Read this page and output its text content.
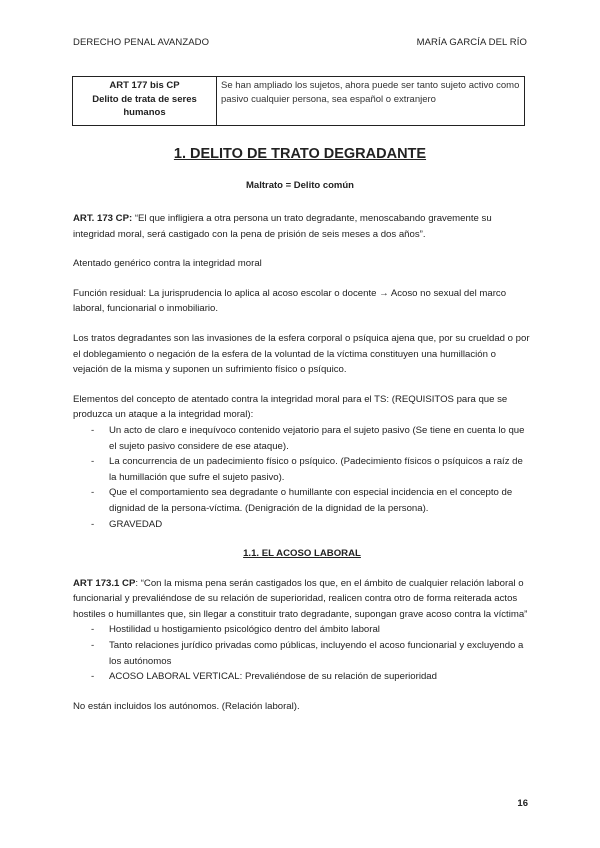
DERECHO PENAL AVANZADO	MARÍA GARCÍA DEL RÍO
ART 177 bis CP
Delito de trata de seres humanos
	Se han ampliado los sujetos, ahora puede ser tanto sujeto activo como pasivo cualquier persona, sea español o extranjero
1. DELITO DE TRATO DEGRADANTE
Maltrato = Delito común

ART. 173 CP: “El que infligiera a otra persona un trato degradante, menoscabando gravemente su integridad moral, será castigado con la pena de prisión de seis meses a dos años”.

Atentado genérico contra la integridad moral

Función residual: La jurisprudencia lo aplica al acoso escolar o docente → Acoso no sexual del marco laboral, funcionarial o inmobiliario.

Los tratos degradantes son las invasiones de la esfera corporal o psíquica ajena que, por su crueldad o por el doblegamiento o negación de la esfera de la voluntad de la víctima constituyen una humillación o vejación de la misma y suponen un sufrimiento físico o psíquico.

Elementos del concepto de atentado contra la integridad moral para el TS: (REQUISITOS para que se produzca un ataque a la integridad moral):

- Un acto de claro e inequívoco contenido vejatorio para el sujeto pasivo (Se tiene en cuenta lo que el sujeto pasivo considere de ese ataque).
- La concurrencia de un padecimiento físico o psíquico. (Padecimiento físicos o psíquicos a raíz de la humillación que sufre el sujeto pasivo).
- Que el comportamiento sea degradante o humillante con especial incidencia en el concepto de dignidad de la persona-víctima. (Denigración de la dignidad de la persona).
- GRAVEDAD
1.1. EL ACOSO LABORAL

ART 173.1 CP: “Con la misma pena serán castigados los que, en el ámbito de cualquier relación laboral o funcionarial y prevaliéndose de su relación de superioridad, realicen contra otro de forma reiterada actos hostiles o humillantes que, sin llegar a constituir trato degradante, supongan grave acoso contra la víctima”

- Hostilidad u hostigamiento psicológico dentro del ámbito laboral
- Tanto relaciones jurídico privadas como públicas, incluyendo el acoso funcionarial y excluyendo a los autónomos
- ACOSO LABORAL VERTICAL: Prevaliéndose de su relación de superioridad

No están incluidos los autónomos. (Relación laboral).

16
